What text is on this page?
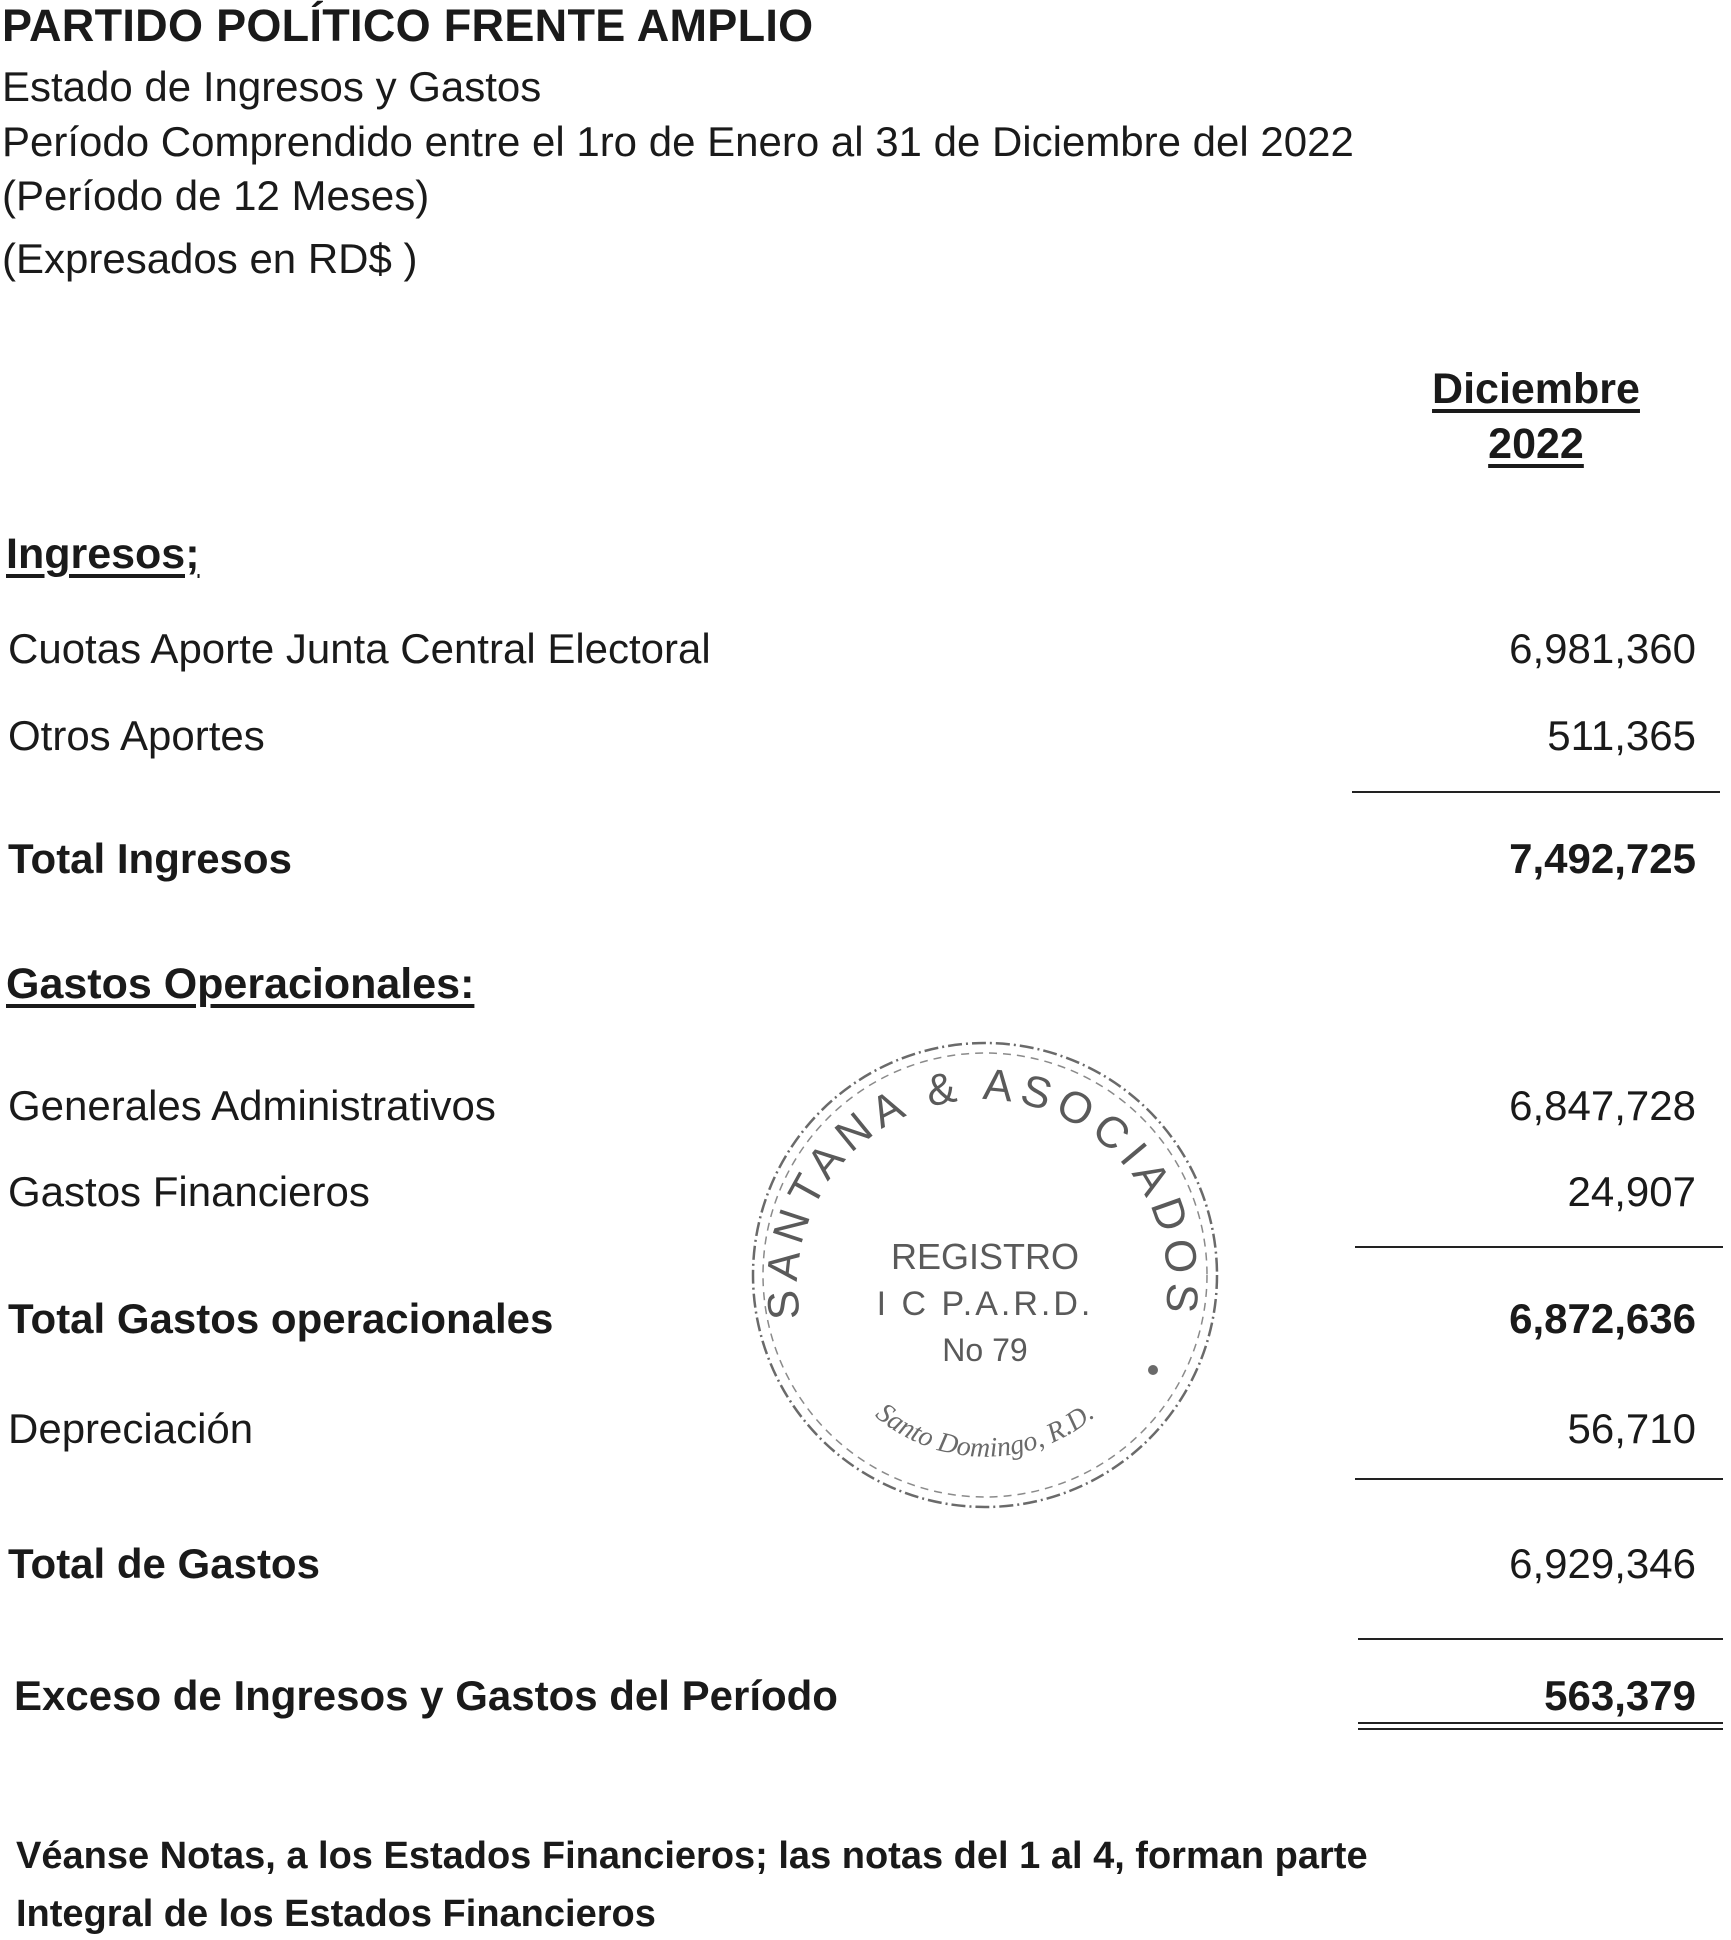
PARTIDO POLÍTICO FRENTE AMPLIO
Estado de Ingresos y Gastos
Período Comprendido entre el 1ro de Enero al 31 de Diciembre del 2022
(Período de 12 Meses)
(Expresados en RD$ )
Diciembre
2022
Ingresos;
Cuotas Aporte Junta Central Electoral	6,981,360
Otros Aportes	511,365
Total Ingresos	7,492,725
Gastos Operacionales:
Generales Administrativos	6,847,728
Gastos Financieros	24,907
Total Gastos operacionales	6,872,636
Depreciación	56,710
Total de Gastos	6,929,346
Exceso de Ingresos y Gastos del Período	563,379
Véanse Notas, a los Estados Financieros; las notas del 1 al 4, forman parte
Integral de los Estados Financieros
SANTANA & ASOCIADOS
REGISTRO
I C P.A.R.D.
No 79
Santo Domingo, R.D.
